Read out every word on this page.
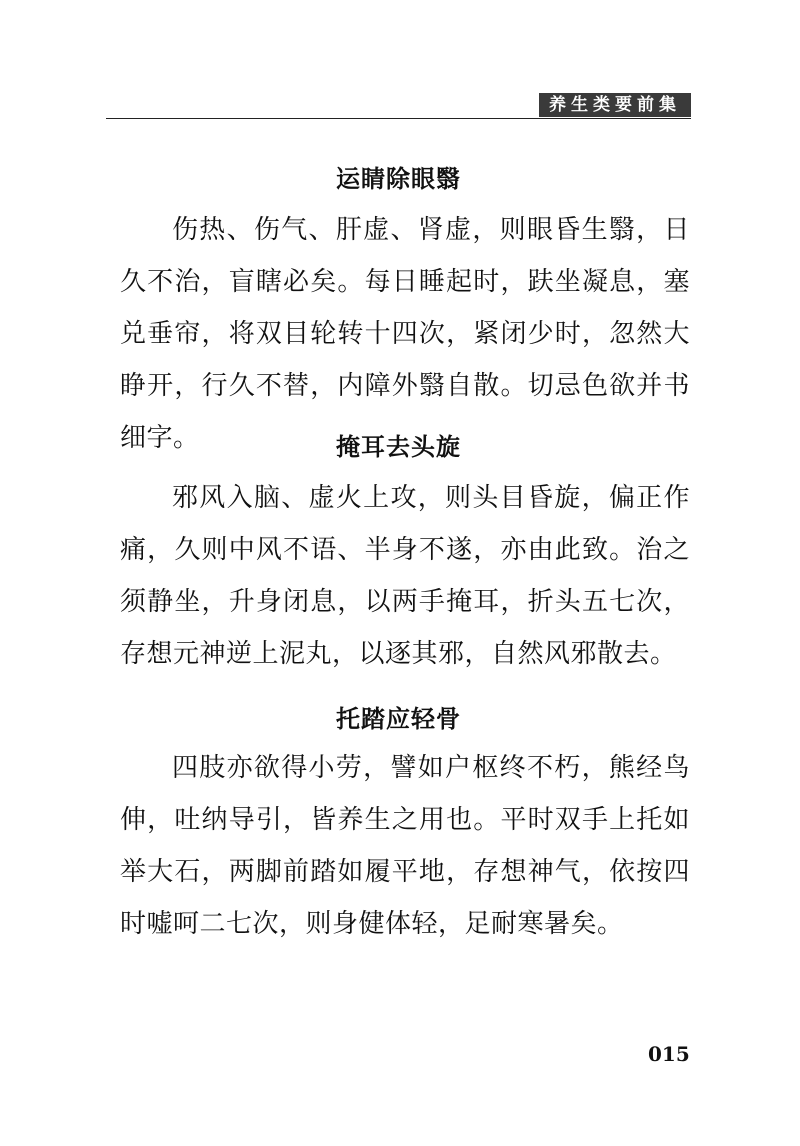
养生类要前集
运睛除眼翳

伤热、伤气、肝虚、肾虚，则眼昏生翳，日久不治，盲瞎必矣。每日睡起时，趺坐凝息，塞兑垂帘，将双目轮转十四次，紧闭少时，忽然大睁开，行久不替，内障外翳自散。切忌色欲并书细字。	掩耳去头旋

邪风入脑、虚火上攻，则头目昏旋，偏正作痛，久则中风不语、半身不遂，亦由此致。治之须静坐，升身闭息，以两手掩耳，折头五七次，存想元神逆上泥丸，以逐其邪，自然风邪散去。

托踏应轻骨

四肢亦欲得小劳，譬如户枢终不朽，熊经鸟伸，吐纳导引，皆养生之用也。平时双手上托如举大石，两脚前踏如履平地，存想神气，依按四时嘘呵二七次，则身健体轻，足耐寒暑矣。

015
